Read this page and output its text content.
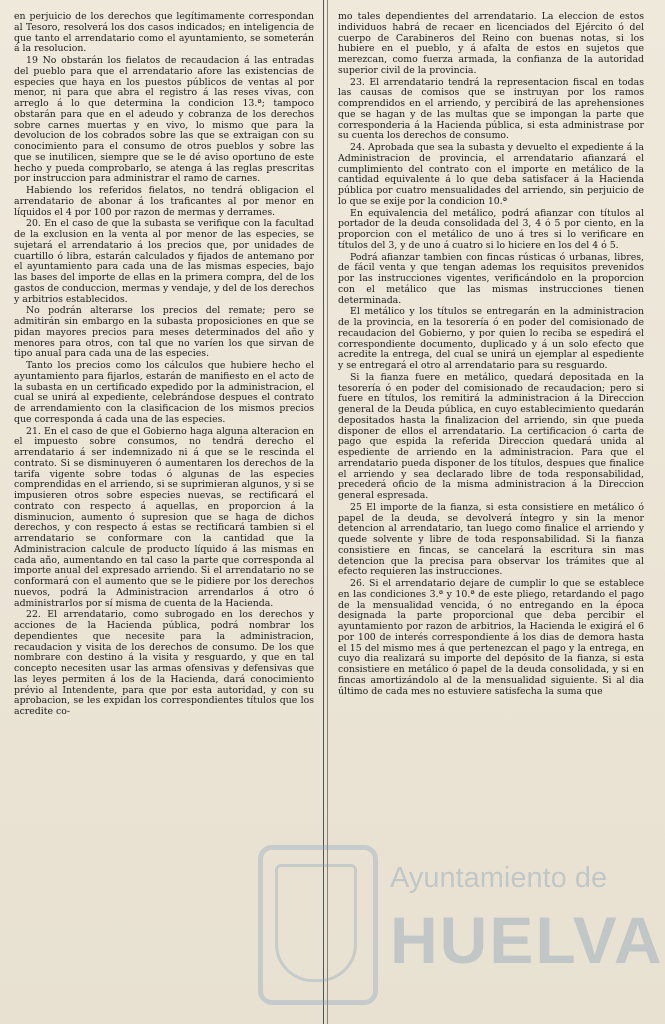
en perjuicio de los derechos que legítimamente correspondan al Tesoro, resolverá los dos casos indicados; en inteligencia de que tanto el arrendatario como el ayuntamiento, se someterán á la resolucion.

19 No obstarán los fielatos de recaudacion á las entradas del pueblo para que el arrendatario afore las existencias de especies que haya en los puestos públicos de ventas al por menor, ni para que abra el registro á las reses vivas, con arreglo á lo que determina la condicion 13.ª; tampoco obstarán para que en el adeudo y cobranza de los derechos sobre carnes muertas y en vivo, lo mismo que para la devolucion de los cobrados sobre las que se extraigan con su conocimiento para el consumo de otros pueblos y sobre las que se inutilicen, siempre que se le dé aviso oportuno de este hecho y pueda comprobarlo, se atenga á las reglas prescritas por instruccion para administrar el ramo de carnes.

Habiendo los referidos fielatos, no tendrá obligacion el arrendatario de abonar á los traficantes al por menor en líquidos el 4 por 100 por razon de mermas y derrames.

20. En el caso de que la subasta se verifique con la facultad de la exclusion en la venta al por menor de las especies, se sujetará el arrendatario á los precios que, por unidades de cuartillo ó libra, estarán calculados y fijados de antemano por el ayuntamiento para cada una de las mismas especies, bajo las bases del importe de ellas en la primera compra, del de los gastos de conduccion, mermas y vendaje, y del de los derechos y arbitrios establecidos.

No podrán alterarse los precios del remate; pero se admitirán sin embargo en la subasta proposiciones en que se pidan mayores precios para meses determinados del año y menores para otros, con tal que no varíen los que sirvan de tipo anual para cada una de las especies.

Tanto los precios como los cálculos que hubiere hecho el ayuntamiento para fijarlos, estarán de manifiesto en el acto de la subasta en un certificado expedido por la administracion, el cual se unirá al expediente, celebrándose despues el contrato de arrendamiento con la clasificacion de los mismos precios que corresponda á cada una de las especies.

21. En el caso de que el Gobierno haga alguna alteracion en el impuesto sobre consumos, no tendrá derecho el arrendatario á ser indemnizado ni á que se le rescinda el contrato. Si se disminuyeren ó aumentaren los derechos de la tarifa vigente sobre todas ó algunas de las especies comprendidas en el arriendo, si se suprimieran algunos, y si se impusieren otros sobre especies nuevas, se rectificará el contrato con respecto á aquellas, en proporcion á la disminucion, aumento ó supresion que se haga de dichos derechos, y con respecto á estas se rectificará tambien si el arrendatario se conformare con la cantidad que la Administracion calcule de producto líquido á las mismas en cada año, aumentando en tal caso la parte que corresponda al importe anual del expresado arriendo. Si el arrendatario no se conformará con el aumento que se le pidiere por los derechos nuevos, podrá la Administracion arrendarlos á otro ó administrarlos por sí misma de cuenta de la Hacienda.

22. El arrendatario, como subrogado en los derechos y acciones de la Hacienda pública, podrá nombrar los dependientes que necesite para la administracion, recaudacion y visita de los derechos de consumo. De los que nombrare con destino á la visita y resguardo, y que en tal concepto necesiten usar las armas ofensivas y defensivas que las leyes permiten á los de la Hacienda, dará conocimiento prévio al Intendente, para que por esta autoridad, y con su aprobacion, se les expidan los correspondientes títulos que los acredite co-

mo tales dependientes del arrendatario. La eleccion de estos individuos habrá de recaer en licenciados del Ejército ó del cuerpo de Carabineros del Reino con buenas notas, si los hubiere en el pueblo, y á afalta de estos en sujetos que merezcan, como fuerza armada, la confianza de la autoridad superior civil de la provincia.

23. El arrendatario tendrá la representacion fiscal en todas las causas de comisos que se instruyan por los ramos comprendidos en el arriendo, y percibirá de las aprehensiones que se hagan y de las multas que se impongan la parte que corresponderia á la Hacienda pública, si esta administrase por su cuenta los derechos de consumo.

24. Aprobada que sea la subasta y devuelto el expediente á la Administracion de provincia, el arrendatario afianzará el cumplimiento del contrato con el importe en metálico de la cantidad equivalente á lo que deba satisfacer á la Hacienda pública por cuatro mensualidades del arriendo, sin perjuicio de lo que se exije por la condicion 10.ª

En equivalencia del metálico, podrá afianzar con títulos al portador de la deuda consolidada del 3, 4 ó 5 por ciento, en la proporcion con el metálico de uno á tres si lo verificare en títulos del 3, y de uno á cuatro si lo hiciere en los del 4 ó 5.

Podrá afianzar tambien con fincas rústicas ó urbanas, libres, de fácil venta y que tengan ademas los requisitos prevenidos por las instrucciones vigentes, verificándolo en la proporcion con el metálico que las mismas instrucciones tienen determinada.

El metálico y los títulos se entregarán en la administracion de la provincia, en la tesorería ó en poder del comisionado de recaudacion del Gobierno, y por quien lo reciba se espedirá el correspondiente documento, duplicado y á un solo efecto que acredite la entrega, del cual se unirá un ejemplar al espediente y se entregará el otro al arrendatario para su resguardo.

Si la fianza fuere en metálico, quedará depositada en la tesorería ó en poder del comisionado de recaudacion; pero si fuere en títulos, los remitirá la administracion á la Direccion general de la Deuda pública, en cuyo establecimiento quedarán depositados hasta la finalizacion del arriendo, sin que pueda disponer de ellos el arrendatario. La certificacion ó carta de pago que espida la referida Direccion quedará unida al espediente de arriendo en la administracion. Para que el arrendatario pueda disponer de los títulos, despues que finalice el arriendo y sea declarado libre de toda responsabilidad, precederá oficio de la misma administracion á la Direccion general espresada.

25 El importe de la fianza, si esta consistiere en metálico ó papel de la deuda, se devolverá íntegro y sin la menor detencion al arrendatario, tan luego como finalice el arriendo y quede solvente y libre de toda responsabilidad. Si la fianza consistiere en fincas, se cancelará la escritura sin mas detencion que la precisa para observar los trámites que al efecto requieren las instrucciones.

26. Si el arrendatario dejare de cumplir lo que se establece en las condiciones 3.ª y 10.ª de este pliego, retardando el pago de la mensualidad vencida, ó no entregando en la época designada la parte proporcional que deba percibir el ayuntamiento por razon de arbitrios, la Hacienda le exigirá el 6 por 100 de interés correspondiente á los dias de demora hasta el 15 del mismo mes á que pertenezcan el pago y la entrega, en cuyo dia realizará su importe del depósito de la fianza, si esta consistiere en metálico ó papel de la deuda consolidada, y si en fincas amortizándolo al de la mensualidad siguiente. Si al dia último de cada mes no estuviere satisfecha la suma que

Ayuntamiento de
HUELVA
